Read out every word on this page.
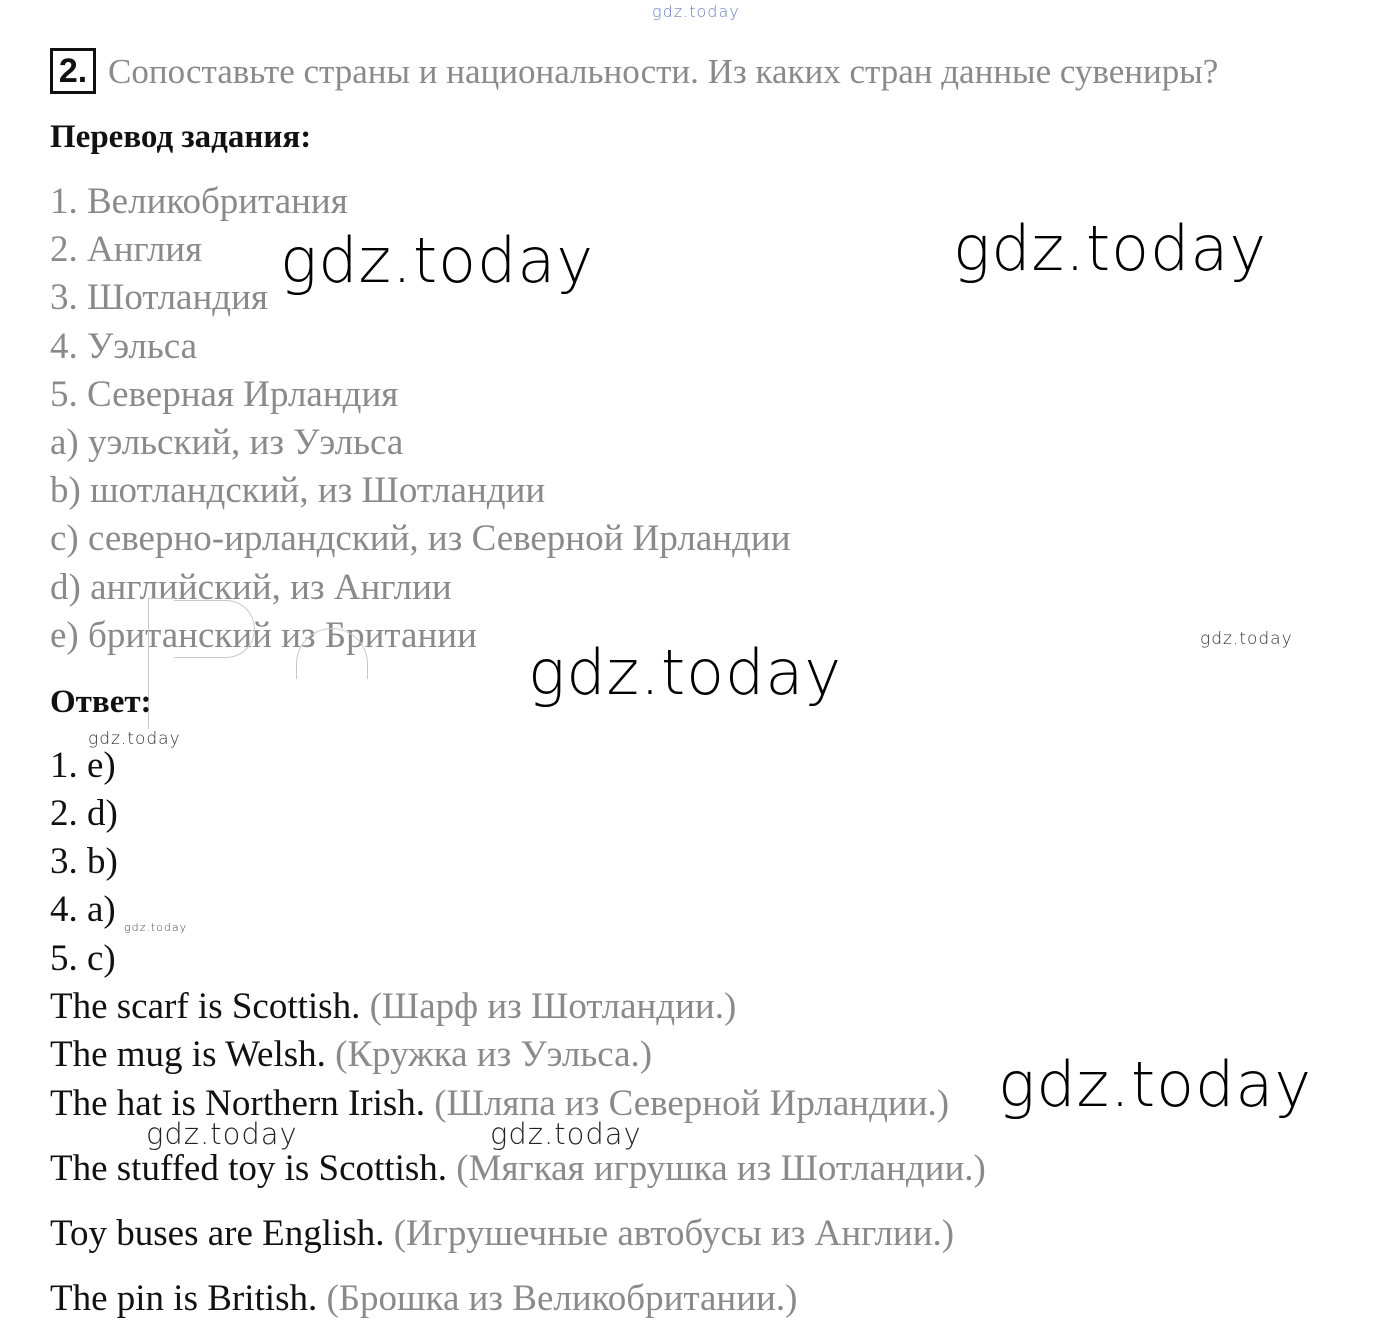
gdz.today
2. Сопоставьте страны и национальности. Из каких стран данные сувениры?
Перевод задания:
1. Великобритания
2. Англия
3. Шотландия
4. Уэльса
5. Северная Ирландия
а) уэльский, из Уэльса
b) шотландский, из Шотландии
с) северно-ирландский, из Северной Ирландии
d) английский, из Англии
e) британский из Британии
Ответ:
1. e)
2. d)
3. b)
4. a)
5. c)
The scarf is Scottish. (Шарф из Шотландии.)
The mug is Welsh. (Кружка из Уэльса.)
The hat is Northern Irish. (Шляпа из Северной Ирландии.)
The stuffed toy is Scottish. (Мягкая игрушка из Шотландии.)
Toy buses are English. (Игрушечные автобусы из Англии.)
The pin is British. (Брошка из Великобритании.)
gdz.today	gdz.today
gdz.today
gdz.today
gdz.today
gdz.today
gdz.today
gdz.today	gdz.today
